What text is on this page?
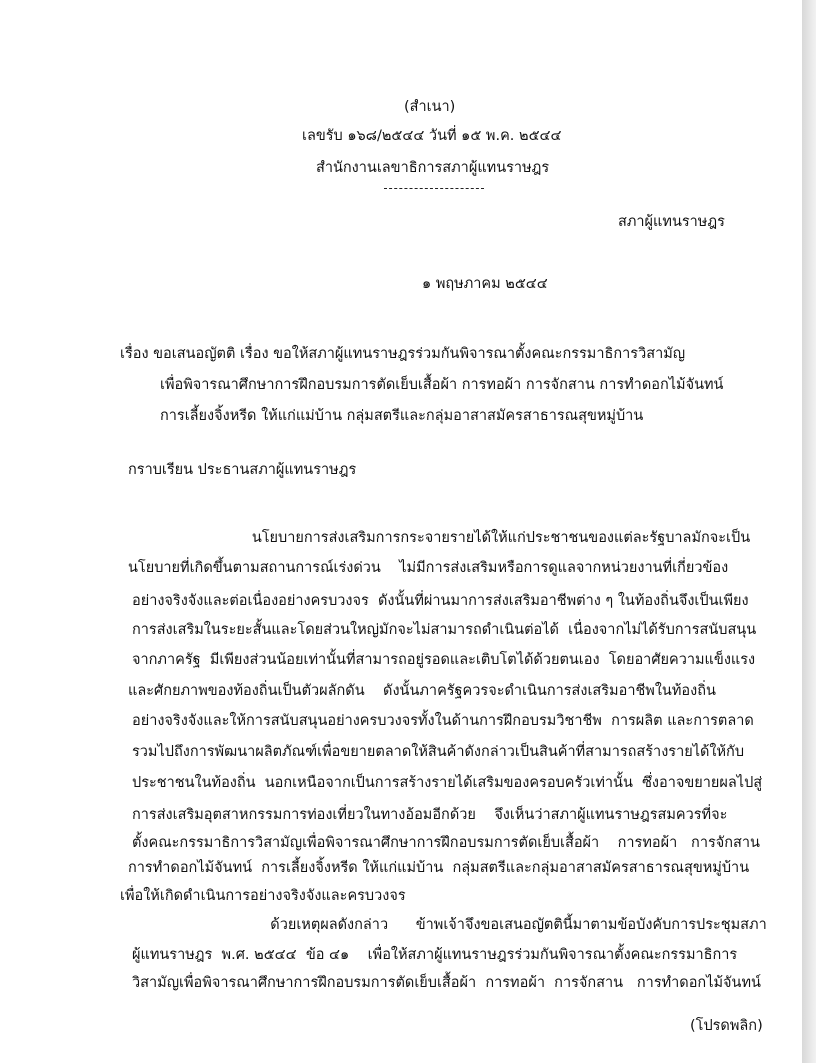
(สำเนา)
เลขรับ ๑๖๘/๒๕๔๔ วันที่ ๑๕ พ.ค. ๒๕๔๔
สำนักงานเลขาธิการสภาผู้แทนราษฎร
สภาผู้แทนราษฎร
๑ พฤษภาคม ๒๕๔๔
เรื่อง ขอเสนอญัตติ เรื่อง ขอให้สภาผู้แทนราษฎรร่วมกันพิจารณาตั้งคณะกรรมาธิการวิสามัญ
เพื่อพิจารณาศึกษาการฝึกอบรมการตัดเย็บเสื้อผ้า การทอผ้า การจักสาน การทำดอกไม้จันทน์
การเลี้ยงจิ้งหรีด ให้แก่แม่บ้าน กลุ่มสตรีและกลุ่มอาสาสมัครสาธารณสุขหมู่บ้าน
กราบเรียน ประธานสภาผู้แทนราษฎร
นโยบายการส่งเสริมการกระจายรายได้ให้แก่ประชาชนของแต่ละรัฐบาลมักจะเป็น
นโยบายที่เกิดขึ้นตามสถานการณ์เร่งด่วน    ไม่มีการส่งเสริมหรือการดูแลจากหน่วยงานที่เกี่ยวข้อง
อย่างจริงจังและต่อเนื่องอย่างครบวงจร  ดังนั้นที่ผ่านมาการส่งเสริมอาชีพต่าง ๆ ในท้องถิ่นจึงเป็นเพียง
การส่งเสริมในระยะสั้นและโดยส่วนใหญ่มักจะไม่สามารถดำเนินต่อได้  เนื่องจากไม่ได้รับการสนับสนุน
จากภาครัฐ  มีเพียงส่วนน้อยเท่านั้นที่สามารถอยู่รอดและเติบโตได้ด้วยตนเอง  โดยอาศัยความแข็งแรง
และศักยภาพของท้องถิ่นเป็นตัวผลักดัน    ดังนั้นภาครัฐควรจะดำเนินการส่งเสริมอาชีพในท้องถิ่น
อย่างจริงจังและให้การสนับสนุนอย่างครบวงจรทั้งในด้านการฝึกอบรมวิชาชีพ  การผลิต และการตลาด
รวมไปถึงการพัฒนาผลิตภัณฑ์เพื่อขยายตลาดให้สินค้าดังกล่าวเป็นสินค้าที่สามารถสร้างรายได้ให้กับ
ประชาชนในท้องถิ่น  นอกเหนือจากเป็นการสร้างรายได้เสริมของครอบครัวเท่านั้น  ซึ่งอาจขยายผลไปสู่
การส่งเสริมอุตสาหกรรมการท่องเที่ยวในทางอ้อมอีกด้วย    จึงเห็นว่าสภาผู้แทนราษฎรสมควรที่จะ
ตั้งคณะกรรมาธิการวิสามัญเพื่อพิจารณาศึกษาการฝึกอบรมการตัดเย็บเสื้อผ้า    การทอผ้า   การจักสาน
การทำดอกไม้จันทน์  การเลี้ยงจิ้งหรีด ให้แก่แม่บ้าน  กลุ่มสตรีและกลุ่มอาสาสมัครสาธารณสุขหมู่บ้าน
เพื่อให้เกิดดำเนินการอย่างจริงจังและครบวงจร
ด้วยเหตุผลดังกล่าว      ข้าพเจ้าจึงขอเสนอญัตตินี้มาตามข้อบังคับการประชุมสภา
ผู้แทนราษฎร  พ.ศ. ๒๕๔๔  ข้อ ๔๑    เพื่อให้สภาผู้แทนราษฎรร่วมกันพิจารณาตั้งคณะกรรมาธิการ
วิสามัญเพื่อพิจารณาศึกษาการฝึกอบรมการตัดเย็บเสื้อผ้า  การทอผ้า  การจักสาน   การทำดอกไม้จันทน์
(โปรดพลิก)
